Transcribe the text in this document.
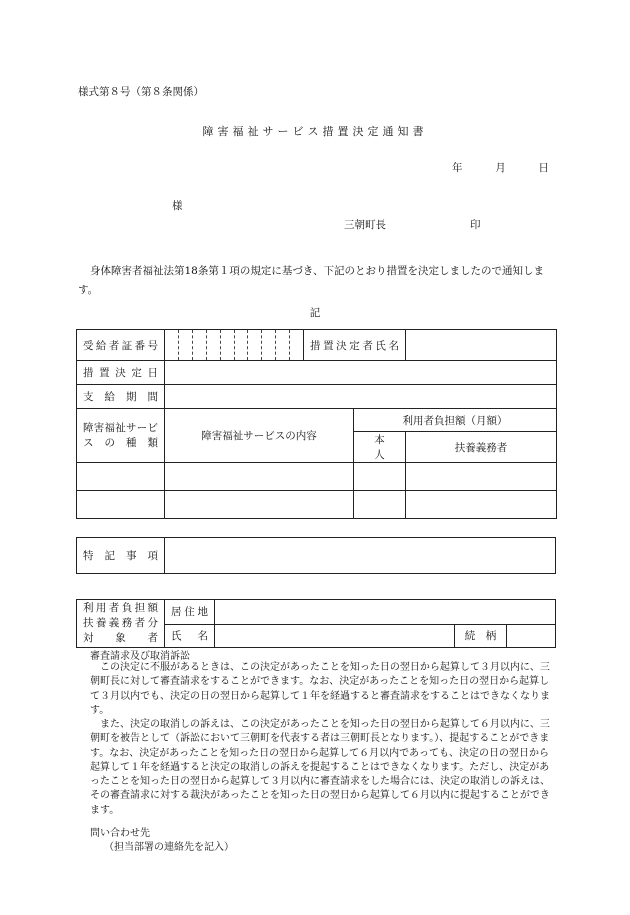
様式第８号（第８条関係）
障害福祉サービス措置決定通知書
年	月	日
様
三朝町長	印
身体障害者福祉法第18条第１項の規定に基づき、下記のとおり措置を決定しましたので通知します。
記
受給者証番号		措置決定者氏名		
措置決定日				
支給期間				
障害福祉サービスの種類	障害福祉サービスの内容		利用者負担額（月額）	
			本　　人	扶養義務者

特記事項	
利用者負担額
扶養義務者分
対象者	居住地			
	氏　名		続　柄	
審査請求及び取消訴訟
この決定に不服があるときは、この決定があったことを知った日の翌日から起算して３月以内に、三朝町長に対して審査請求をすることができます。なお、決定があったことを知った日の翌日から起算して３月以内でも、決定の日の翌日から起算して１年を経過すると審査請求をすることはできなくなります。
また、決定の取消しの訴えは、この決定があったことを知った日の翌日から起算して６月以内に、三朝町を被告として（訴訟において三朝町を代表する者は三朝町長となります。）、提起することができます。なお、決定があったことを知った日の翌日から起算して６月以内であっても、決定の日の翌日から起算して１年を経過すると決定の取消しの訴えを提起することはできなくなります。ただし、決定があったことを知った日の翌日から起算して３月以内に審査請求をした場合には、決定の取消しの訴えは、その審査請求に対する裁決があったことを知った日の翌日から起算して６月以内に提起することができます。
問い合わせ先
（担当部署の連絡先を記入）
